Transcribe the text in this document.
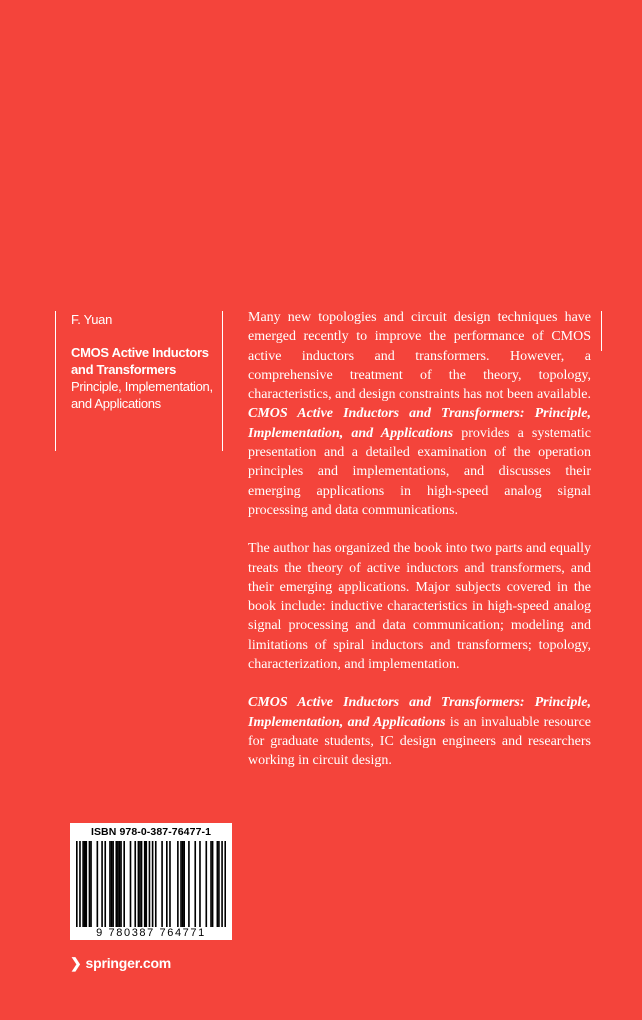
F. Yuan

CMOS Active Inductors
and Transformers

Principle, Implementation,
and Applications

Many new topologies and circuit design techniques have emerged recently to improve the performance of CMOS active inductors and transformers. However, a comprehensive treatment of the theory, topology, characteristics, and design constraints has not been available. CMOS Active Inductors and Transformers: Principle, Implementation, and Applications provides a systematic presentation and a detailed examination of the operation principles and implementations, and discusses their emerging applications in high-speed analog signal processing and data communications.

The author has organized the book into two parts and equally treats the theory of active inductors and transformers, and their emerging applications. Major subjects covered in the book include: inductive characteristics in high-speed analog signal processing and data communication; modeling and limitations of spiral inductors and transformers; topology, characterization, and implementation.

CMOS Active Inductors and Transformers: Principle, Implementation, and Applications is an invaluable resource for graduate students, IC design engineers and researchers working in circuit design.

ISBN 978-0-387-76477-1
9 780387 764771
❯ springer.com
